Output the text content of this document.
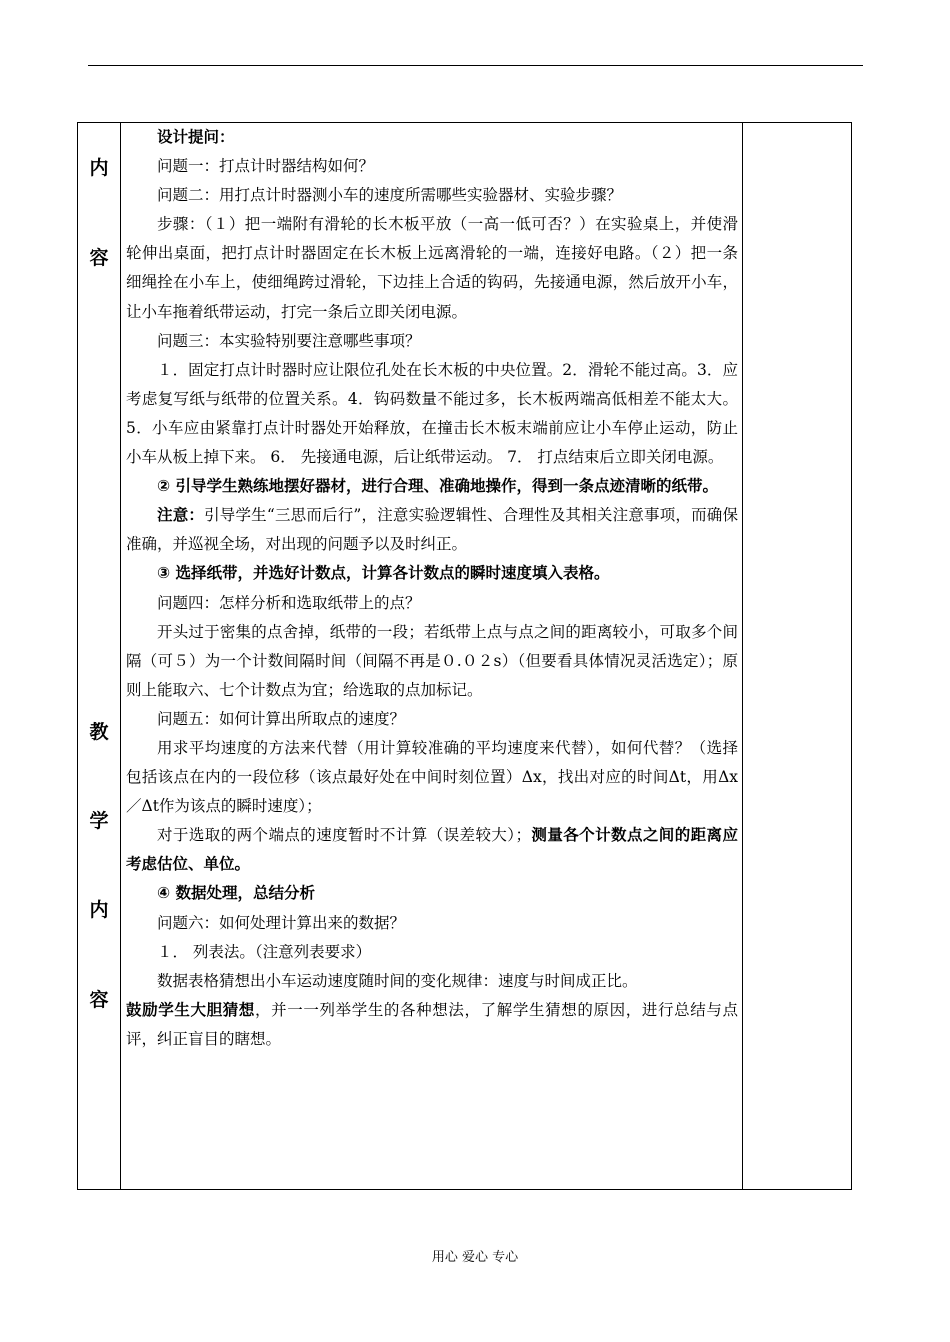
内
容
教
学
内
容

设计提问：

问题一：打点计时器结构如何？

问题二：用打点计时器测小车的速度所需哪些实验器材、实验步骤？

步骤：（１）把一端附有滑轮的长木板平放（一高一低可否？）在实验桌上，并使滑轮伸出桌面，把打点计时器固定在长木板上远离滑轮的一端，连接好电路。（２）把一条细绳拴在小车上，使细绳跨过滑轮，下边挂上合适的钩码，先接通电源，然后放开小车，让小车拖着纸带运动，打完一条后立即关闭电源。

问题三：本实验特别要注意哪些事项？

１．固定打点计时器时应让限位孔处在长木板的中央位置。2．滑轮不能过高。3．应考虑复写纸与纸带的位置关系。4．钩码数量不能过多，长木板两端高低相差不能太大。5．小车应由紧靠打点计时器处开始释放，在撞击长木板末端前应让小车停止运动，防止小车从板上掉下来。 6． 先接通电源，后让纸带运动。 7． 打点结束后立即关闭电源。

② 引导学生熟练地摆好器材，进行合理、准确地操作，得到一条点迹清晰的纸带。

注意：引导学生“三思而后行”，注意实验逻辑性、合理性及其相关注意事项，而确保准确，并巡视全场，对出现的问题予以及时纠正。

③ 选择纸带，并选好计数点，计算各计数点的瞬时速度填入表格。

问题四：怎样分析和选取纸带上的点？

开头过于密集的点舍掉，纸带的一段；若纸带上点与点之间的距离较小，可取多个间隔（可５）为一个计数间隔时间（间隔不再是０.０２s）（但要看具体情况灵活选定）；原则上能取六、七个计数点为宜；给选取的点加标记。

问题五：如何计算出所取点的速度？

用求平均速度的方法来代替（用计算较准确的平均速度来代替），如何代替？（选择包括该点在内的一段位移（该点最好处在中间时刻位置）Δx，找出对应的时间Δt，用Δx／Δt作为该点的瞬时速度）；

对于选取的两个端点的速度暂时不计算（误差较大）；测量各个计数点之间的距离应考虑估位、单位。

④ 数据处理，总结分析

问题六：如何处理计算出来的数据？

１． 列表法。（注意列表要求）

数据表格猜想出小车运动速度随时间的变化规律：速度与时间成正比。

鼓励学生大胆猜想，并一一列举学生的各种想法，了解学生猜想的原因，进行总结与点评，纠正盲目的瞎想。

用心 爱心 专心
